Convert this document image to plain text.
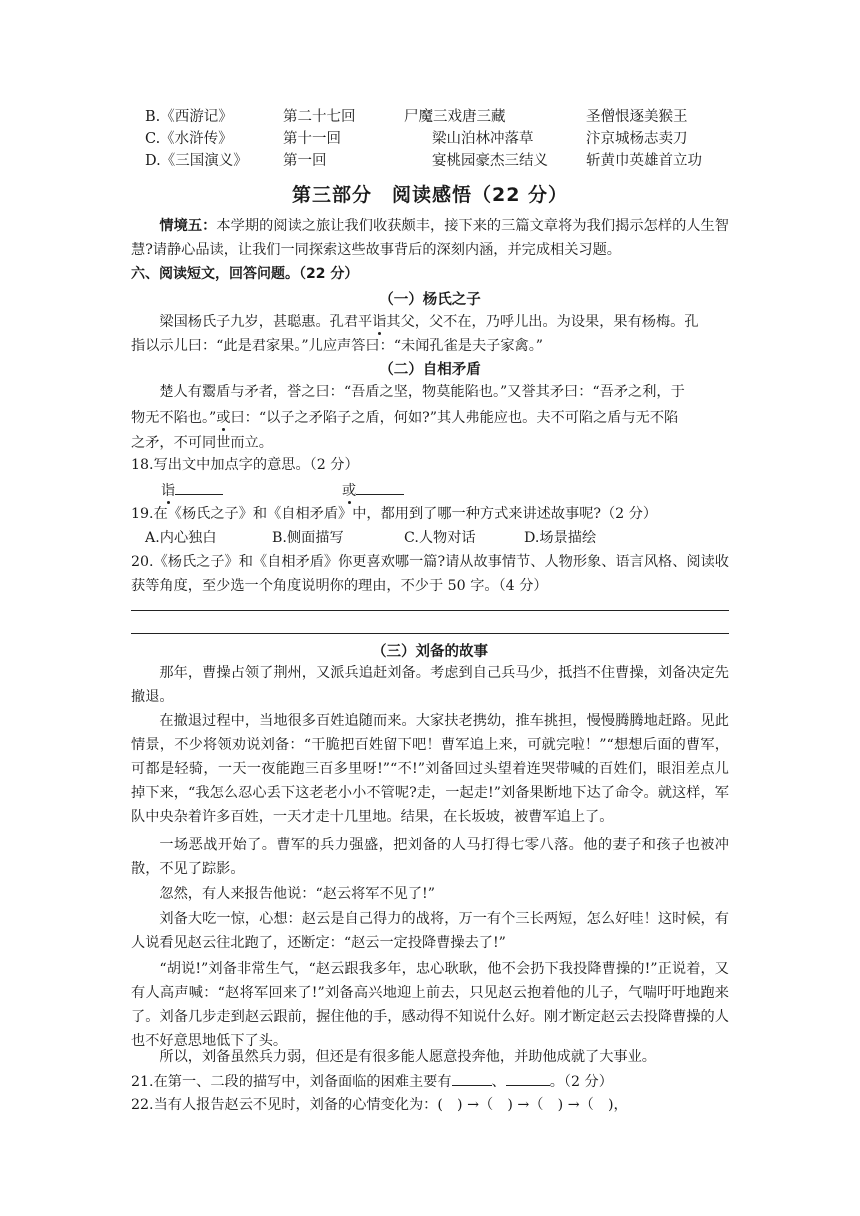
B.《西游记》	第二十七回	尸魔三戏唐三藏	圣僧恨逐美猴王
C.《水浒传》	第十一回	梁山泊林冲落草	汴京城杨志卖刀
D.《三国演义》 第一回	宴桃园豪杰三结义	斩黄巾英雄首立功
第三部分　阅读感悟（22 分）
情境五：本学期的阅读之旅让我们收获颇丰，接下来的三篇文章将为我们揭示怎样的人生智慧?请静心品读，让我们一同探索这些故事背后的深刻内涵，并完成相关习题。
六、阅读短文，回答问题。（22 分）
（一）杨氏之子
梁国杨氏子九岁，甚聪惠。孔君平诣其父，父不在，乃呼儿出。为设果，果有杨梅。孔
指以示儿曰：“此是君家果。”儿应声答曰：“未闻孔雀是夫子家禽。”
（二）自相矛盾
楚人有鬻盾与矛者，誉之曰：“吾盾之坚，物莫能陷也。”又誉其矛曰：“吾矛之利，于
物无不陷也。”或曰：“以子之矛陷子之盾，何如?”其人弗能应也。夫不可陷之盾与无不陷
之矛，不可同世而立。
18.写出文中加点字的意思。（2 分）
诣	或
19.在《杨氏之子》和《自相矛盾》中，都用到了哪一种方式来讲述故事呢?（2 分）
A.内心独白	B.侧面描写	C.人物对话	D.场景描绘
20.《杨氏之子》和《自相矛盾》你更喜欢哪一篇?请从故事情节、人物形象、语言风格、阅读收获等角度，至少选一个角度说明你的理由，不少于 50 字。（4 分）
（三）刘备的故事
那年，曹操占领了荆州，又派兵追赶刘备。考虑到自己兵马少，抵挡不住曹操，刘备决定先撤退。
在撤退过程中，当地很多百姓追随而来。大家扶老携幼，推车挑担，慢慢腾腾地赶路。见此情景，不少将领劝说刘备：“干脆把百姓留下吧！曹军追上来，可就完啦！”“想想后面的曹军，可都是轻骑，一天一夜能跑三百多里呀!”“不!”刘备回过头望着连哭带喊的百姓们，眼泪差点儿掉下来，“我怎么忍心丢下这老老小小不管呢?走，一起走!”刘备果断地下达了命令。就这样，军队中央杂着许多百姓，一天才走十几里地。结果，在长坂坡，被曹军追上了。
一场恶战开始了。曹军的兵力强盛，把刘备的人马打得七零八落。他的妻子和孩子也被冲散，不见了踪影。
忽然，有人来报告他说：“赵云将军不见了!”
刘备大吃一惊，心想：赵云是自己得力的战将，万一有个三长两短，怎么好哇！这时候，有人说看见赵云往北跑了，还断定：“赵云一定投降曹操去了!”
“胡说!”刘备非常生气，“赵云跟我多年，忠心耿耿，他不会扔下我投降曹操的!”正说着，又有人高声喊：“赵将军回来了!”刘备高兴地迎上前去，只见赵云抱着他的儿子，气喘吁吁地跑来了。刘备几步走到赵云跟前，握住他的手，感动得不知说什么好。刚才断定赵云去投降曹操的人也不好意思地低下了头。
所以，刘备虽然兵力弱，但还是有很多能人愿意投奔他，并助他成就了大事业。
21.在第一、二段的描写中，刘备面临的困难主要有	、	。（2 分）
22.当有人报告赵云不见时，刘备的心情变化为：(　) →（　) →（　) →（　)，
